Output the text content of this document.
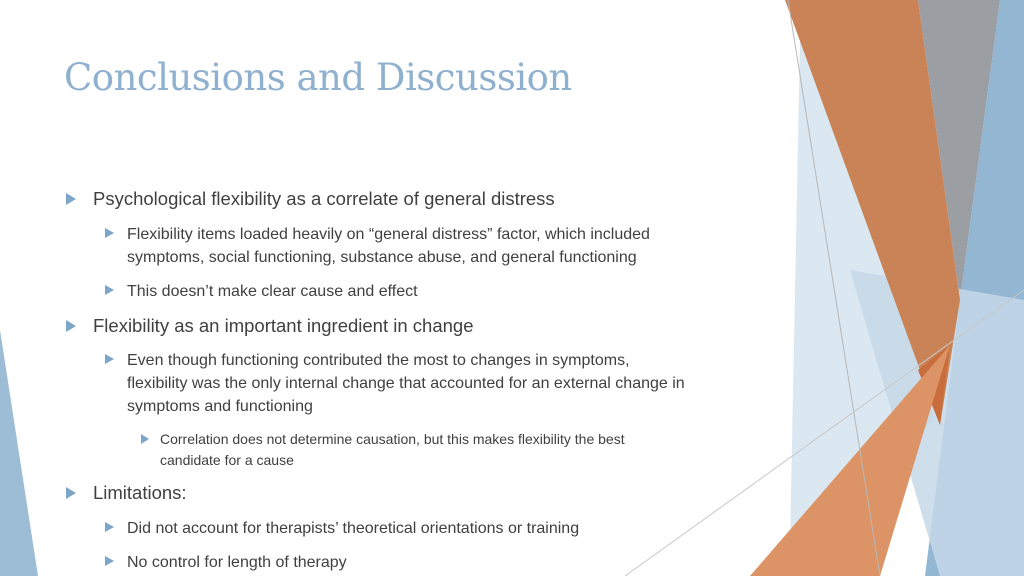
Conclusions and Discussion
Psychological flexibility as a correlate of general distress
Flexibility items loaded heavily on “general distress” factor, which included
symptoms, social functioning, substance abuse, and general functioning
This doesn’t make clear cause and effect
Flexibility as an important ingredient in change
Even though functioning contributed the most to changes in symptoms,
flexibility was the only internal change that accounted for an external change in
symptoms and functioning
Correlation does not determine causation, but this makes flexibility the best
candidate for a cause
Limitations:
Did not account for therapists’ theoretical orientations or training
No control for length of therapy
